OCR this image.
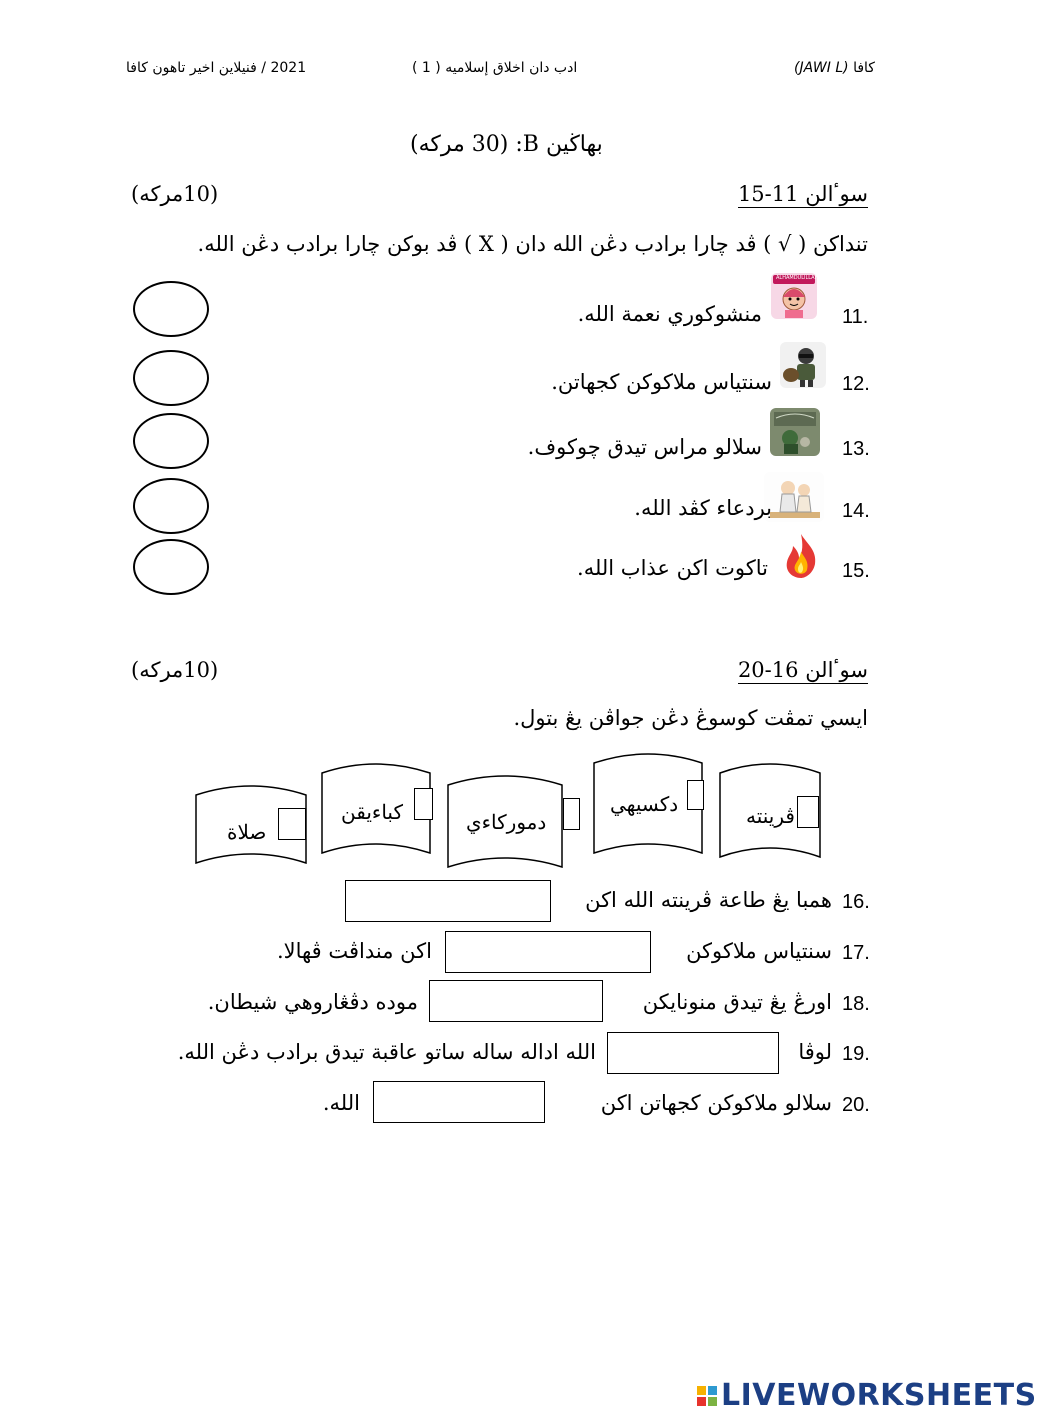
2021 / فنيلاين اخير تاهون كافا	ادب دان اخلاق إسلاميه ( 1 )	(JAWI L) كافا
بهاڬين B: (30 مركه)
سوٴالن 11-15
(10مركه)
تنداكن ( √ ) ڤد چارا برادب دڠن الله دان ( X ) ڤد بوكن چارا برادب دڠن الله.
11.
ALHAMDULILLAH
منشوكوري نعمة الله.
12.
سنتياس ملاكوكن كجهاتن.
13.
سلالو مراس تيدق چوكوف.
14.
بردعاء كڤد الله.
15.
تاكوت اكن عذاب الله.
سوٴالن 16-20
(10مركه)
ايسي تمڤت كوسوڠ دڠن جواڤن يڠ بتول.
ڤرينته
دكسيهي
دموركاءي
كباءيقن
صلاة
16.
همبا يڠ طاعة ڤرينته الله اكن
17.
سنتياس ملاكوكن
اكن منداڤت ڤهالا.
18.
اورڠ يڠ تيدق منونايكن
موده دڤڠاروهي شيطان.
19.
لوڤا
الله اداله ساله ساتو عاقبة تيدق برادب دڠن الله.
20.
سلالو ملاكوكن كجهاتن اكن
الله.
LIVEWORKSHEETS
